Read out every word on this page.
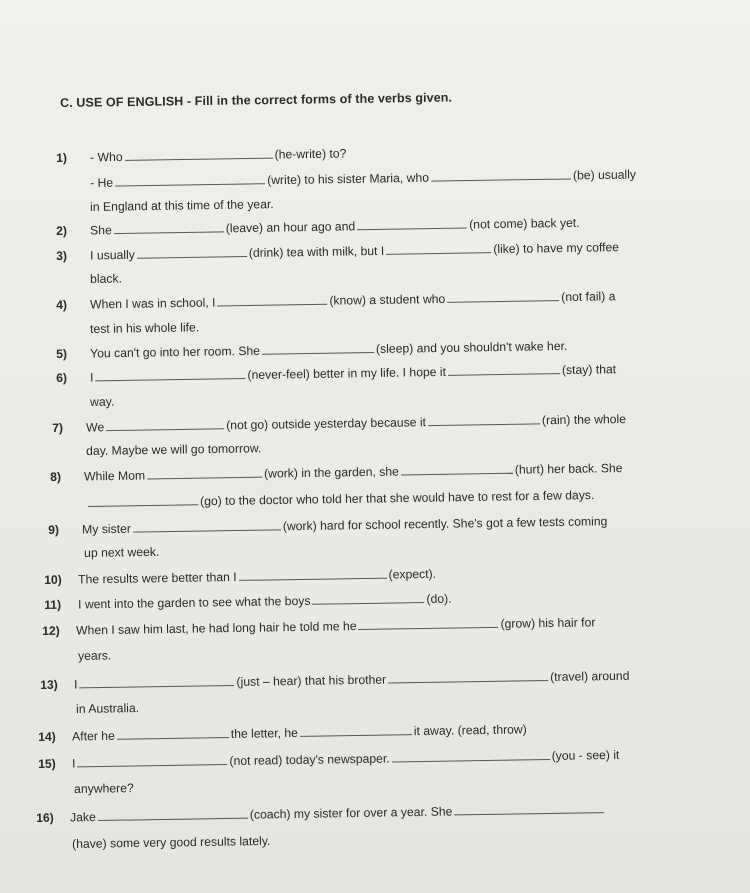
C. USE OF ENGLISH - Fill in the correct forms of the verbs given.
1)	- Who	(he-write) to?
- He	(write) to his sister Maria, who	(be) usually
in England at this time of the year.
2)	She	(leave) an hour ago and	(not come) back yet.
3)	I usually	(drink) tea with milk, but I	(like) to have my coffee
black.
4)	When I was in school, I	(know) a student who	(not fail) a
test in his whole life.
5)	You can't go into her room. She	(sleep) and you shouldn't wake her.
6)	I	(never-feel) better in my life. I hope it	(stay) that
way.
7)	We	(not go) outside yesterday because it	(rain) the whole
day. Maybe we will go tomorrow.
8)	While Mom	(work) in the garden, she	(hurt) her back. She
(go) to the doctor who told her that she would have to rest for a few days.
9)	My sister	(work) hard for school recently. She's got a few tests coming
up next week.
10)	The results were better than I	(expect).
11)	I went into the garden to see what the boys	(do).
12)	When I saw him last, he had long hair he told me he	(grow) his hair for
years.
13)	I	(just – hear) that his brother	(travel) around
in Australia.
14)	After he	the letter, he	it away. (read, throw)
15)	I	(not read) today's newspaper.	(you - see) it
anywhere?
16)	Jake	(coach) my sister for over a year. She
(have) some very good results lately.
